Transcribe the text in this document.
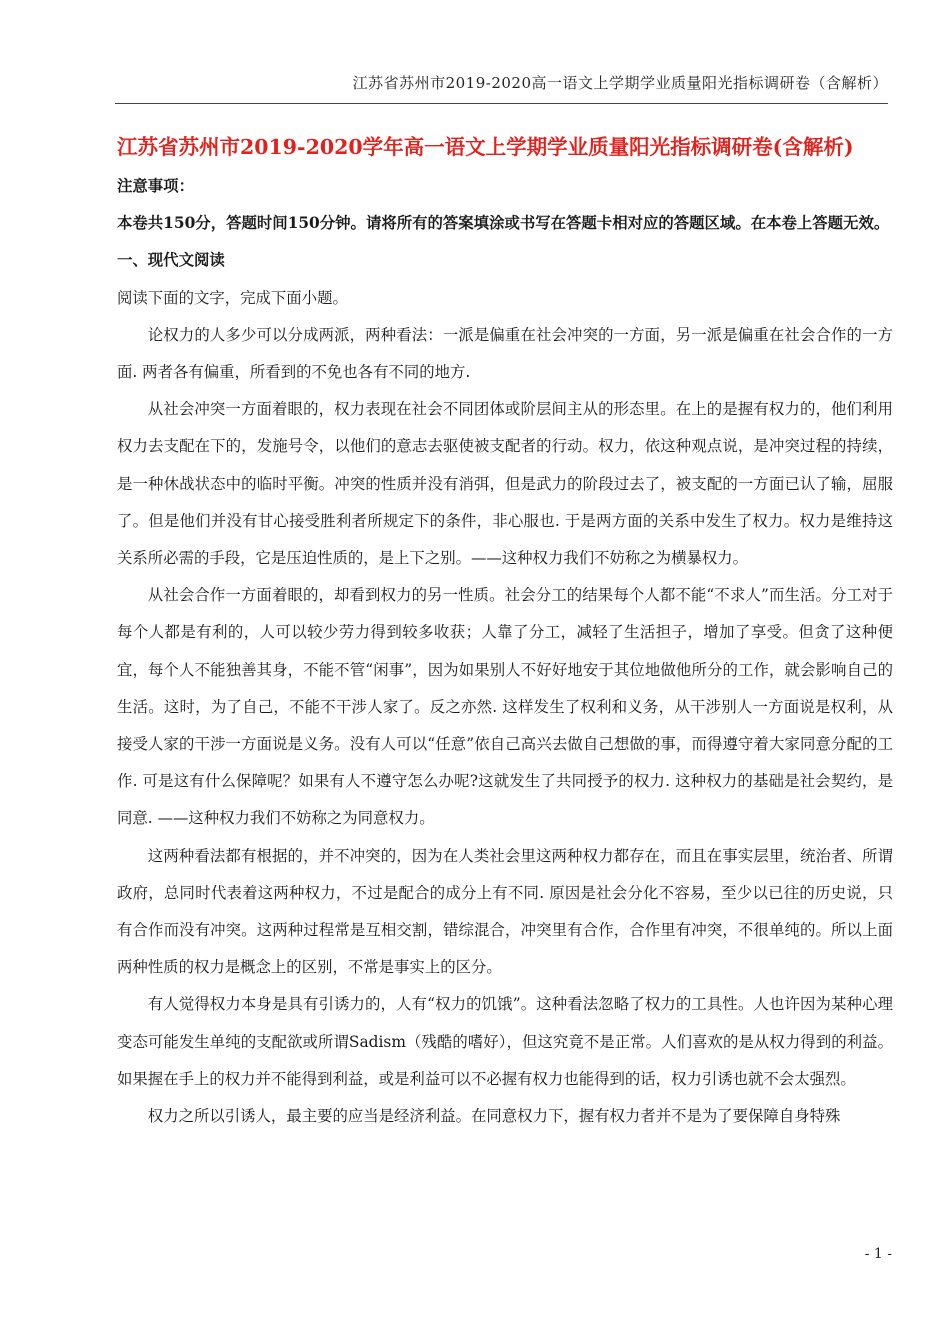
江苏省苏州市2019-2020高一语文上学期学业质量阳光指标调研卷（含解析）
江苏省苏州市2019-2020学年高一语文上学期学业质量阳光指标调研卷(含解析)

注意事项：

本卷共150分，答题时间150分钟。请将所有的答案填涂或书写在答题卡相对应的答题区域。在本卷上答题无效。

一、现代文阅读

阅读下面的文字，完成下面小题。

论权力的人多少可以分成两派，两种看法：一派是偏重在社会冲突的一方面，另一派是偏重在社会合作的一方面. 两者各有偏重，所看到的不免也各有不同的地方.

从社会冲突一方面着眼的，权力表现在社会不同团体或阶层间主从的形态里。在上的是握有权力的，他们利用权力去支配在下的，发施号令，以他们的意志去驱使被支配者的行动。权力，依这种观点说，是冲突过程的持续，是一种休战状态中的临时平衡。冲突的性质并没有消弭，但是武力的阶段过去了，被支配的一方面已认了输，屈服了。但是他们并没有甘心接受胜利者所规定下的条件，非心服也. 于是两方面的关系中发生了权力。权力是维持这关系所必需的手段，它是压迫性质的，是上下之别。——这种权力我们不妨称之为横暴权力。

从社会合作一方面着眼的，却看到权力的另一性质。社会分工的结果每个人都不能“不求人”而生活。分工对于每个人都是有利的，人可以较少劳力得到较多收获；人靠了分工，减轻了生活担子，增加了享受。但贪了这种便宜，每个人不能独善其身，不能不管“闲事”，因为如果别人不好好地安于其位地做他所分的工作，就会影响自己的生活。这时，为了自己，不能不干涉人家了。反之亦然. 这样发生了权利和义务，从干涉别人一方面说是权利，从接受人家的干涉一方面说是义务。没有人可以“任意”依自己高兴去做自己想做的事，而得遵守着大家同意分配的工作. 可是这有什么保障呢？如果有人不遵守怎么办呢?这就发生了共同授予的权力. 这种权力的基础是社会契约，是同意. ——这种权力我们不妨称之为同意权力。

这两种看法都有根据的，并不冲突的，因为在人类社会里这两种权力都存在，而且在事实层里，统治者、所谓政府，总同时代表着这两种权力，不过是配合的成分上有不同. 原因是社会分化不容易，至少以已往的历史说，只有合作而没有冲突。这两种过程常是互相交割，错综混合，冲突里有合作，合作里有冲突，不很单纯的。所以上面两种性质的权力是概念上的区别，不常是事实上的区分。

有人觉得权力本身是具有引诱力的，人有“权力的饥饿”。这种看法忽略了权力的工具性。人也许因为某种心理变态可能发生单纯的支配欲或所谓Sadism（残酷的嗜好），但这究竟不是正常。人们喜欢的是从权力得到的利益。如果握在手上的权力并不能得到利益，或是利益可以不必握有权力也能得到的话，权力引诱也就不会太强烈。

权力之所以引诱人，最主要的应当是经济利益。在同意权力下，握有权力者并不是为了要保障自身特殊

- 1 -
